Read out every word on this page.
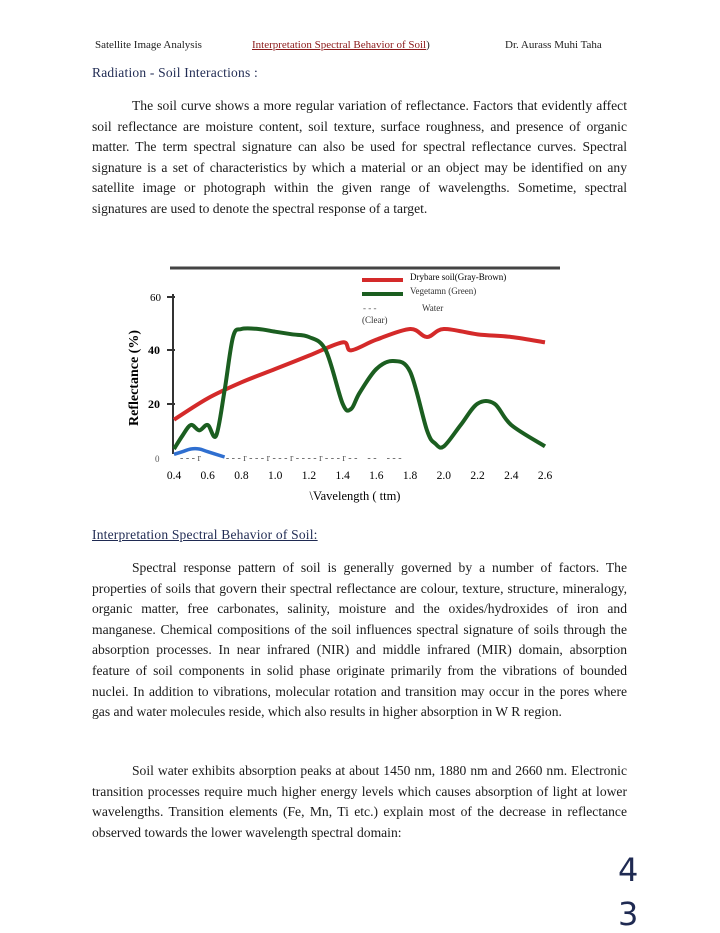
Satellite Image Analysis	Interpretation Spectral Behavior of Soil)	Dr. Aurass Muhi Taha
Radiation - Soil Interactions :

The soil curve shows a more regular variation of reflectance. Factors that evidently affect soil reflectance are moisture content, soil texture, surface roughness, and presence of organic matter. The term spectral signature can also be used for spectral reflectance curves. Spectral signature is a set of characteristics by which a material or an object may be identified on any satellite image or photograph within the given range of wavelengths. Sometime, spectral signatures are used to denote the spectral response of a target.

60
40
20
Reflectance (%)
0 - - - r          - - - r - - - r - - - r - - - - r - - - r - -    - -    - - -
Drybare soil(Gray-Brown)
Vegetamn (Green)
- - -	Water
(Clear)
0.4 0.6 0.8 1.0 1.2 1.4 1.6 1.8 2.0 2.2 2.4 2.6
\Vavelength ( ttm)
Interpretation Spectral Behavior of Soil:

Spectral response pattern of soil is generally governed by a number of factors. The properties of soils that govern their spectral reflectance are colour, texture, structure, mineralogy, organic matter, free carbonates, salinity, moisture and the oxides/hydroxides of iron and manganese. Chemical compositions of the soil influences spectral signature of soils through the absorption processes. In near infrared (NIR) and middle infrared (MIR) domain, absorption feature of soil components in solid phase originate primarily from the vibrations of bounded nuclei. In addition to vibrations, molecular rotation and transition may occur in the pores where gas and water molecules reside, which also results in higher absorption in W R region.

Soil water exhibits absorption peaks at about 1450 nm, 1880 nm and 2660 nm. Electronic transition processes require much higher energy levels which causes absorption of light at lower wavelengths. Transition elements (Fe, Mn, Ti etc.) explain most of the decrease in reflectance observed towards the lower wavelength spectral domain:

4
3
